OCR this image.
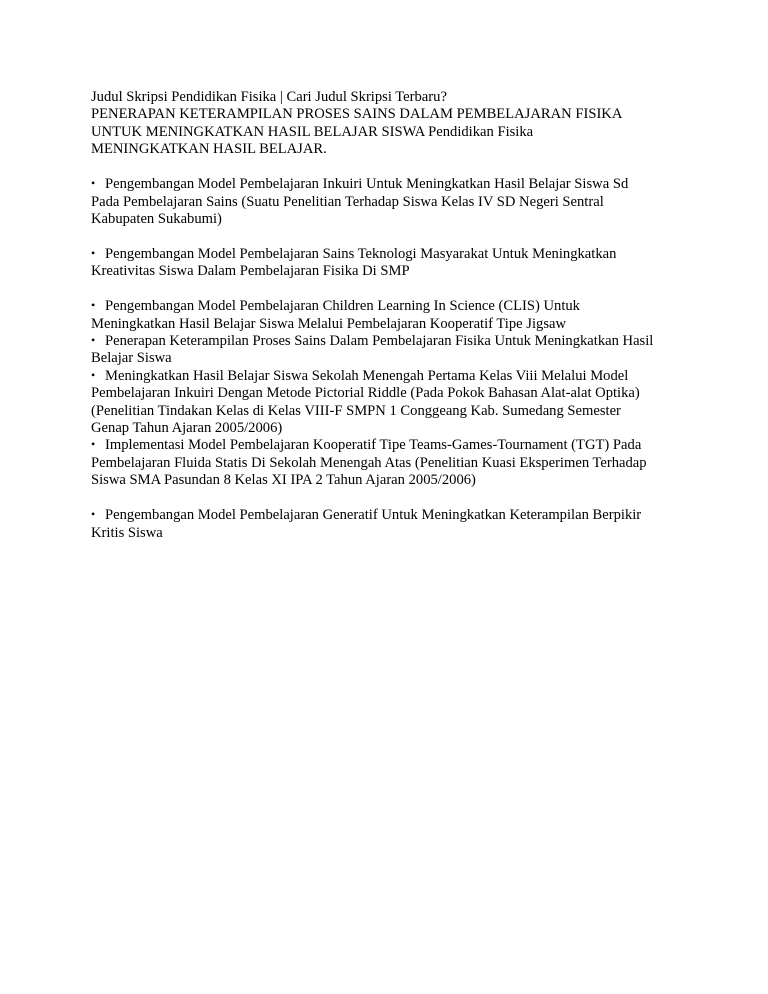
Judul Skripsi Pendidikan Fisika | Cari Judul Skripsi Terbaru?
PENERAPAN KETERAMPILAN PROSES SAINS DALAM PEMBELAJARAN FISIKA
UNTUK MENINGKATKAN HASIL BELAJAR SISWA Pendidikan Fisika
MENINGKATKAN HASIL BELAJAR.

• Pengembangan Model Pembelajaran Inkuiri Untuk Meningkatkan Hasil Belajar Siswa Sd
Pada Pembelajaran Sains (Suatu Penelitian Terhadap Siswa Kelas IV SD Negeri Sentral
Kabupaten Sukabumi)

• Pengembangan Model Pembelajaran Sains Teknologi Masyarakat Untuk Meningkatkan
Kreativitas Siswa Dalam Pembelajaran Fisika Di SMP

• Pengembangan Model Pembelajaran Children Learning In Science (CLIS) Untuk
Meningkatkan Hasil Belajar Siswa Melalui Pembelajaran Kooperatif Tipe Jigsaw

• Penerapan Keterampilan Proses Sains Dalam Pembelajaran Fisika Untuk Meningkatkan Hasil
Belajar Siswa

• Meningkatkan Hasil Belajar Siswa Sekolah Menengah Pertama Kelas Viii Melalui Model
Pembelajaran Inkuiri Dengan Metode Pictorial Riddle (Pada Pokok Bahasan Alat-alat Optika)
(Penelitian Tindakan Kelas di Kelas VIII-F SMPN 1 Conggeang Kab. Sumedang Semester
Genap Tahun Ajaran 2005/2006)

• Implementasi Model Pembelajaran Kooperatif Tipe Teams-Games-Tournament (TGT) Pada
Pembelajaran Fluida Statis Di Sekolah Menengah Atas (Penelitian Kuasi Eksperimen Terhadap
Siswa SMA Pasundan 8 Kelas XI IPA 2 Tahun Ajaran 2005/2006)

• Pengembangan Model Pembelajaran Generatif Untuk Meningkatkan Keterampilan Berpikir
Kritis Siswa
